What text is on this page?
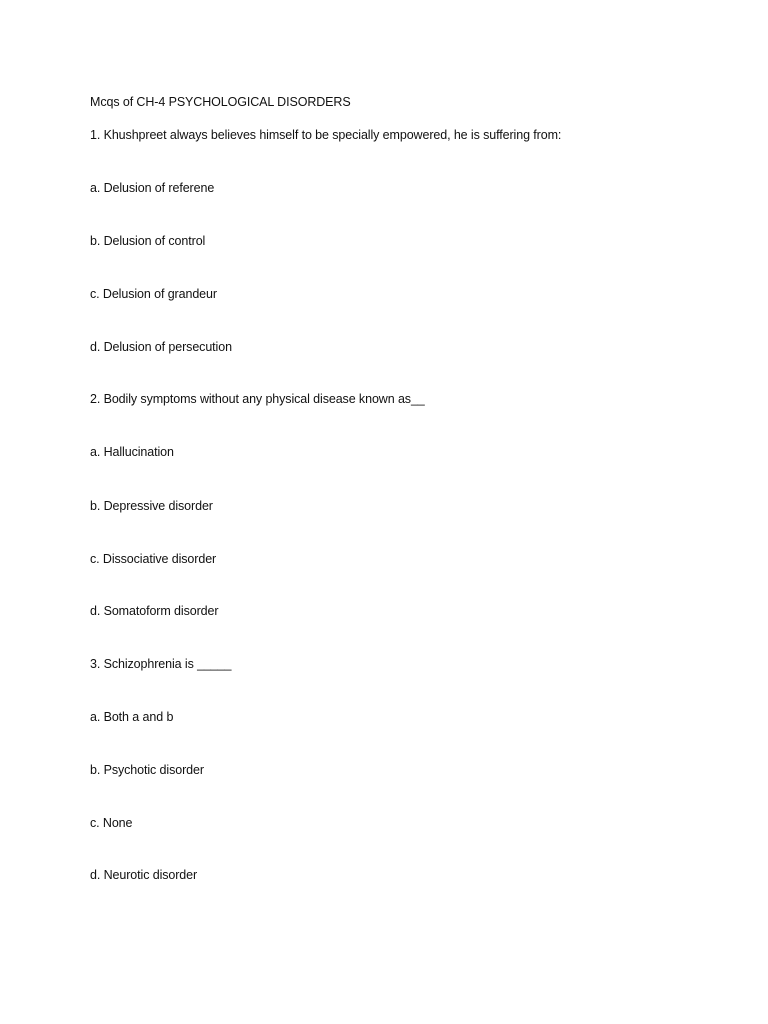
Mcqs of CH-4 PSYCHOLOGICAL DISORDERS
1. Khushpreet always believes himself to be specially empowered, he is suffering from:
a. Delusion of referene
b. Delusion of control
c. Delusion of grandeur
d. Delusion of persecution
2. Bodily symptoms without any physical disease known as__
a. Hallucination
b. Depressive disorder
c. Dissociative disorder
d. Somatoform disorder
3. Schizophrenia is _____
a. Both a and b
b. Psychotic disorder
c. None
d. Neurotic disorder
